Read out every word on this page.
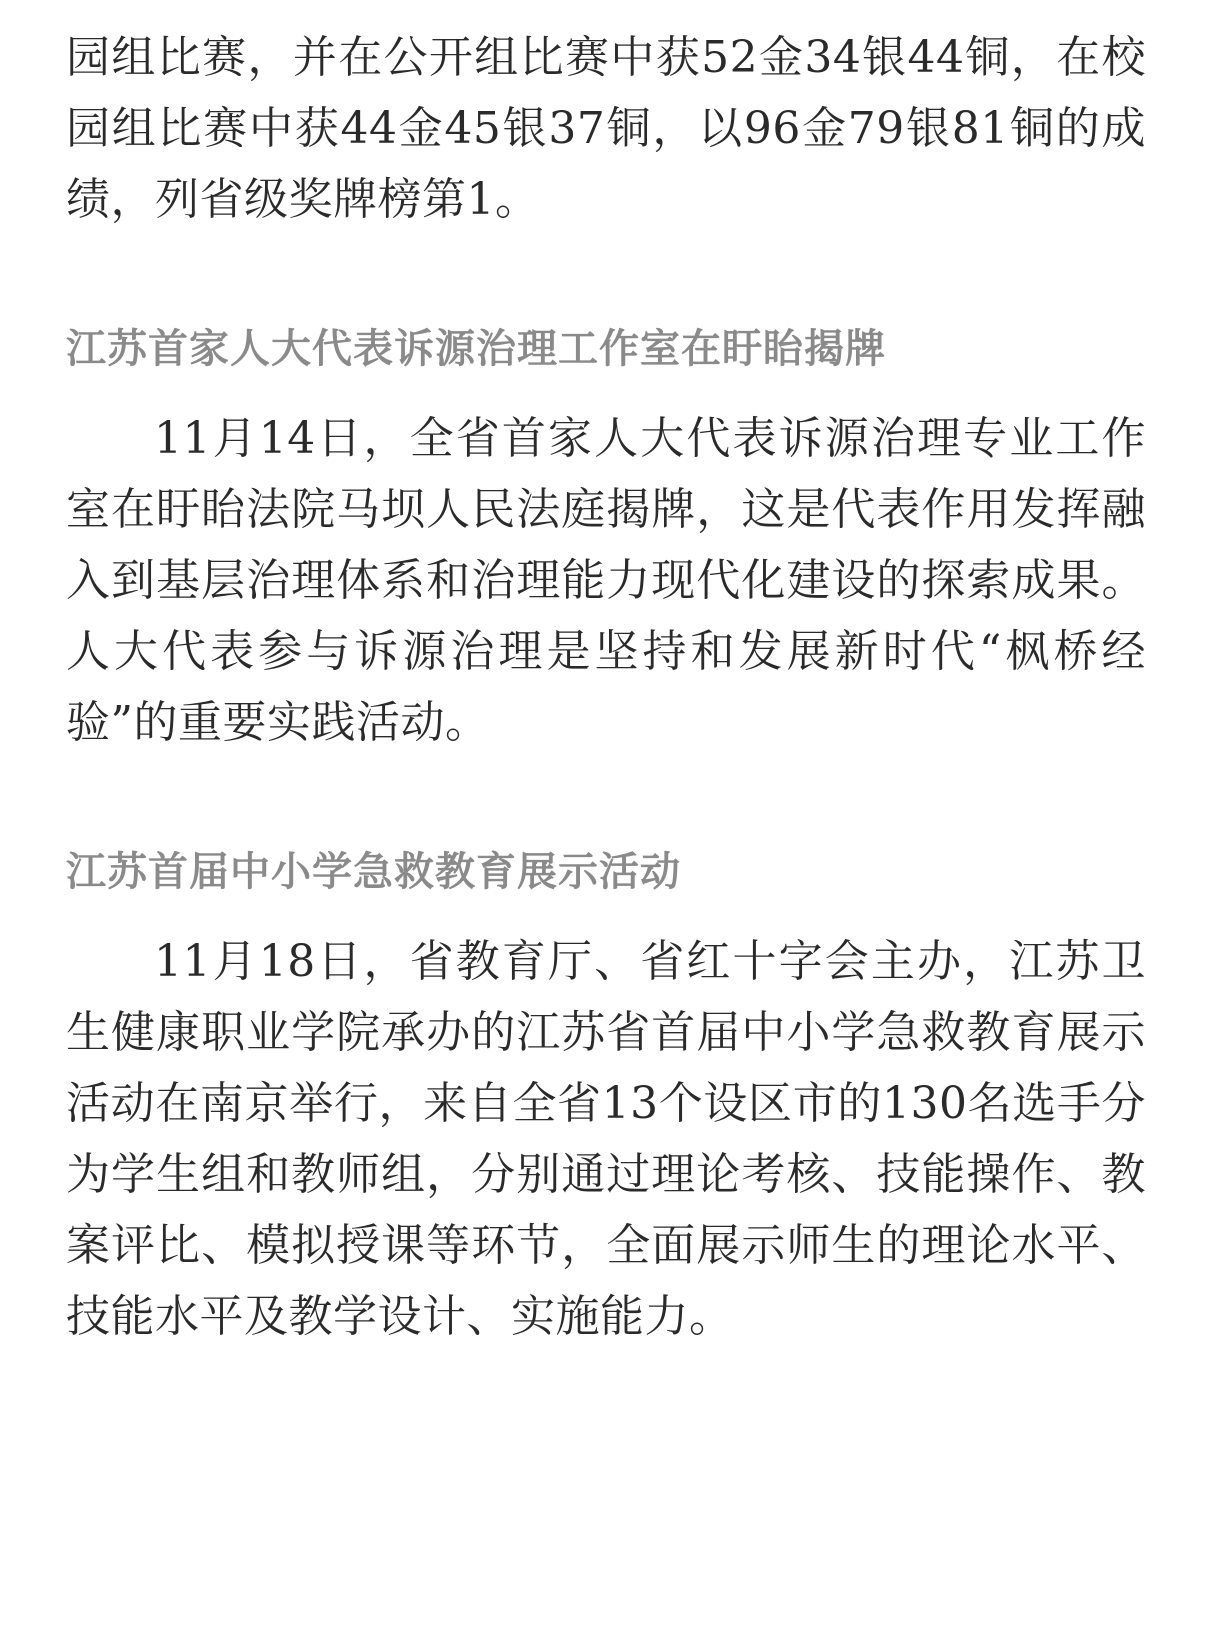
园组比赛，并在公开组比赛中获52金34银44铜，在校园组比赛中获44金45银37铜，以96金79银81铜的成绩，列省级奖牌榜第1。

江苏首家人大代表诉源治理工作室在盱眙揭牌

11月14日，全省首家人大代表诉源治理专业工作室在盱眙法院马坝人民法庭揭牌，这是代表作用发挥融入到基层治理体系和治理能力现代化建设的探索成果。人大代表参与诉源治理是坚持和发展新时代“枫桥经验”的重要实践活动。

江苏首届中小学急救教育展示活动

11月18日，省教育厅、省红十字会主办，江苏卫生健康职业学院承办的江苏省首届中小学急救教育展示活动在南京举行，来自全省13个设区市的130名选手分为学生组和教师组，分别通过理论考核、技能操作、教案评比、模拟授课等环节，全面展示师生的理论水平、技能水平及教学设计、实施能力。
